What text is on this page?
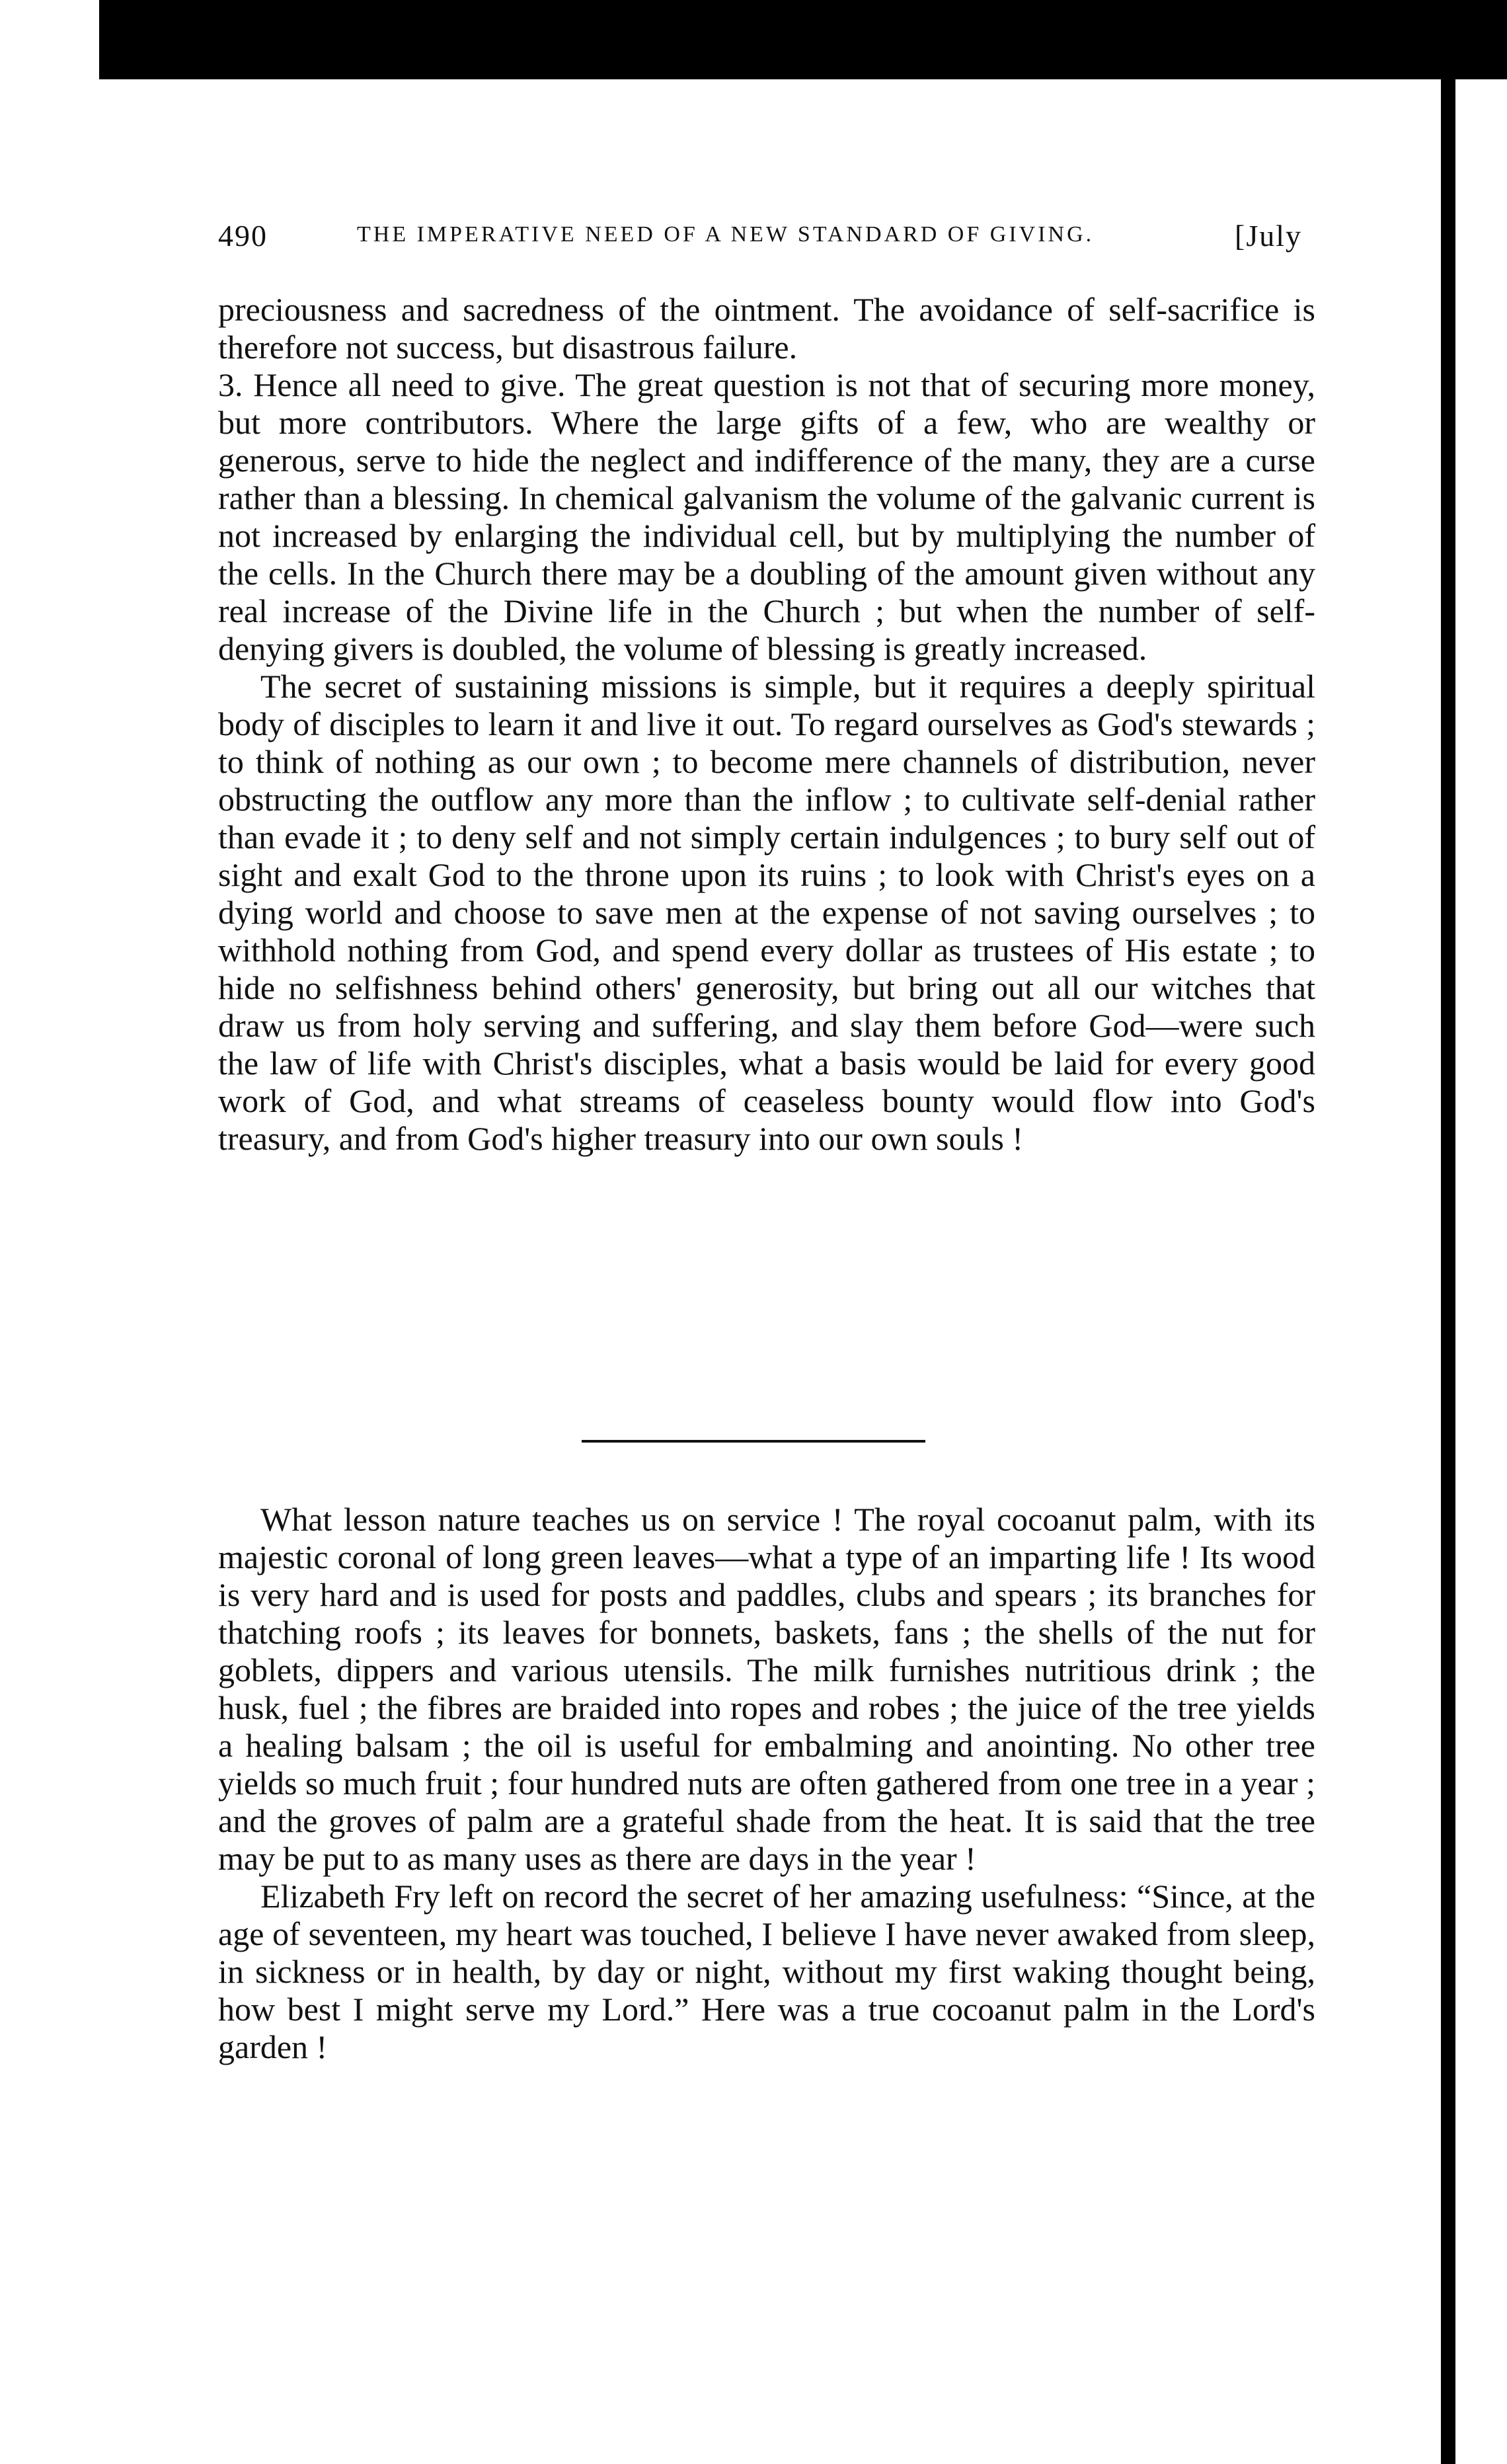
490	THE IMPERATIVE NEED OF A NEW STANDARD OF GIVING.	[July

preciousness and sacredness of the ointment. The avoidance of self-sacrifice is therefore not success, but disastrous failure.

3. Hence all need to give. The great question is not that of securing more money, but more contributors. Where the large gifts of a few, who are wealthy or generous, serve to hide the neglect and indifference of the many, they are a curse rather than a blessing. In chemical galvanism the volume of the galvanic current is not increased by enlarging the individual cell, but by multiplying the number of the cells. In the Church there may be a doubling of the amount given without any real increase of the Divine life in the Church ; but when the number of self-denying givers is doubled, the volume of blessing is greatly increased.

The secret of sustaining missions is simple, but it requires a deeply spiritual body of disciples to learn it and live it out. To regard ourselves as God's stewards ; to think of nothing as our own ; to become mere channels of distribution, never obstructing the outflow any more than the inflow ; to cultivate self-denial rather than evade it ; to deny self and not simply certain indulgences ; to bury self out of sight and exalt God to the throne upon its ruins ; to look with Christ's eyes on a dying world and choose to save men at the expense of not saving ourselves ; to withhold nothing from God, and spend every dollar as trustees of His estate ; to hide no selfishness behind others' generosity, but bring out all our witches that draw us from holy serving and suffering, and slay them before God—were such the law of life with Christ's disciples, what a basis would be laid for every good work of God, and what streams of ceaseless bounty would flow into God's treasury, and from God's higher treasury into our own souls !

What lesson nature teaches us on service ! The royal cocoanut palm, with its majestic coronal of long green leaves—what a type of an imparting life ! Its wood is very hard and is used for posts and paddles, clubs and spears ; its branches for thatching roofs ; its leaves for bonnets, baskets, fans ; the shells of the nut for goblets, dippers and various utensils. The milk furnishes nutritious drink ; the husk, fuel ; the fibres are braided into ropes and robes ; the juice of the tree yields a healing balsam ; the oil is useful for embalming and anointing. No other tree yields so much fruit ; four hundred nuts are often gathered from one tree in a year ; and the groves of palm are a grateful shade from the heat. It is said that the tree may be put to as many uses as there are days in the year !

Elizabeth Fry left on record the secret of her amazing usefulness: “Since, at the age of seventeen, my heart was touched, I believe I have never awaked from sleep, in sickness or in health, by day or night, without my first waking thought being, how best I might serve my Lord.” Here was a true cocoanut palm in the Lord's garden !
